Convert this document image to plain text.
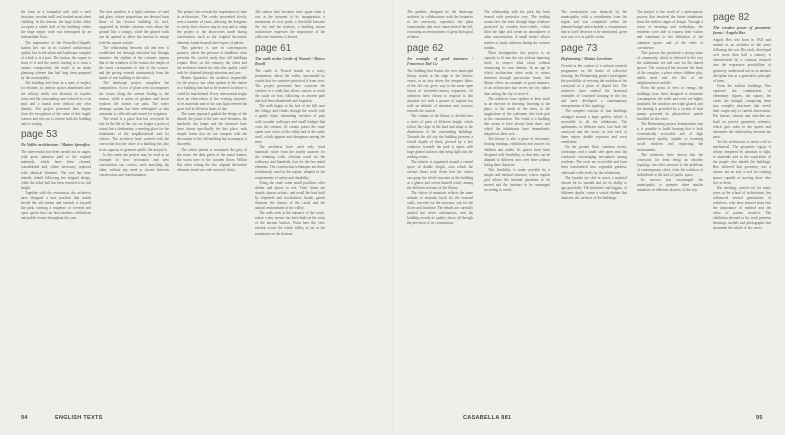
the form of a triumphal arch with a steel structure; wooden infill and vaulted metal sheet cladding. In the interior, the large ticket office occupied a whole half of the building; where the large empty vault was interrupted by an intermediate floor.

The importance of the Bruxelles-Chapelle station lies not in its isolated architectural quality but in the urban and landscape complex of which it is a part. The station, the square in front of it and the streets leading to it form a unitary composition, the result of an urban planning scheme that had long been prepared by the municipality.

The building had been in a state of neglect for decades, its interior spaces abandoned after the railway traffic was diverted, its façades worn and the surrounding area reduced to a car park and a transit zone without any clear identity. The project presented here begins from the recognition of the value of this fragile context and sets out to restore both the building and its setting.

page 53
De Vallée architecture / Matteo Spreafico

The intervention has been carried out in stages, with great attention paid to the original materials, which have been cleaned, consolidated and, where necessary, replaced with identical elements. The roof has been entirely rebuilt following the original design, while the ticket hall has been restored to its full height.

Together with the restoration, the architects have designed a new pavilion that stands beside the old station and extends it towards the park, creating a sequence of covered and open spaces that can host markets, exhibitions and public events throughout the year.

The new pavilion is a light structure of steel and glass, whose proportions are derived from those of the historic building. Its roof, supported by slender columns, rests above the ground like a canopy, while the glazed walls can be opened to allow the interior to merge with the square outside.

The relationship between old and new is established not through imitation but through measure: the rhythm of the columns repeats that of the windows of the station, the height of the eaves corresponds to that of the cornice, and the paving extends continuously from the inside of one building to the other.

The landscape project completes the composition. A row of plane trees accompanies the visitor along the avenue leading to the station, while a series of gardens and lawns replaces the former car park. The water drainage system has been redesigned so that rainwater is collected and reused for irrigation.

The result is a place that has recovered its role in the life of the city: no longer a point of transit but a destination, a meeting place for the inhabitants of the neighbourhood and for visitors. The architects have worked with the conviction that the value of a building lies also in its capacity to generate public life around it.

In this sense the project may be read as an example of how restoration and new construction can coexist, each enriching the other, without any need to choose between conservation and transformation.

The project also reveals the importance of time in architecture. The works proceeded slowly, over a number of years, allowing the designers to verify their choices step by step and to adapt the project to the discoveries made during construction, such as the original decorative elements found beneath later layers of plaster.

This patience is rare in contemporary practice, where the pressure of deadlines often prevents the careful study that old buildings require. Here, on the contrary, the client and the architects shared the idea that quality could only be obtained through attention and care.

Matteo Spreafico, the architect responsible for the project, has often spoken of the station as a building that had to be listened to before it could be transformed. Every intervention began from an observation of the existing structure, of its materials and of the way light entered the great hall at different times of day.

The same approach guided the design of the details: the joints of the new steel elements, the handrails, the lamps and the furniture have been drawn specifically for this place, with simple forms that do not compete with the decoration of the old building but accompany it discreetly.

The colour palette is restrained: the grey of the stone, the dark green of the metal frames, the warm tone of the wooden floors. Within this sober setting the few original decorative elements stand out with renewed clarity.

The station thus becomes once again what it was at the moment of its inauguration: a monument of civic pride, a threshold between the city and the territory, a building whose architecture expresses the importance of the collective functions it houses.

page 61
The walk at the Castle of Nouvel / Marco Rosell

The castle of Nouvel stands on a rocky promontory above the valley, surrounded by woods that for centuries protected it from view. The project presented here concerns the creation of a walk that allows visitors to reach the castle on foot, following an ancient path that had been abandoned and forgotten.

The walk begins at the foot of the hill, near the village, and climbs through the woods with a gentle slope, alternating stretches of path with wooden walkways and small bridges that cross the streams. At certain points the route opens onto views of the valley and of the castle itself, which appears and disappears among the trees.

The architects have used only local materials: stone from the nearby quarries for the retaining walls, chestnut wood for the walkways and handrails, iron for the few metal elements. The construction techniques are those traditionally used in the region, adapted to the requirements of safety and durability.

Along the route some small pavilions offer shelter and places to rest. Their forms are simple, almost archaic, and recall the huts built by shepherds and woodcutters. Inside, panels illustrate the history of the castle and the natural environment of the valley.

The walk ends at the entrance of the castle, where a new terrace has been built on the ruins of the ancient bastion. From here the view extends across the whole valley, as far as the mountains on the horizon.

The gardens, designed by the landscape architect in collaboration with the botanists of the university, reproduce the plant communities that once characterized the hill, recreating an environment of great biological richness.

page 62
An example of good manners / Francesco Dal Co

The building that houses the new municipal library stands at the edge of the historic centre, in an area where the compact fabric of the old city gives way to the more open layout of twentieth-century expansion. Its architects have chosen to respond to this situation not with a gesture of rupture but with an attitude of attention and courtesy towards the context.

The volume of the library is divided into a series of parts of different height, which follow the slope of the land and adapt to the dimensions of the surrounding buildings. Towards the old city the building presents a closed façade of brick, pierced by a few windows; towards the park it opens with large glazed surfaces that bring light into the reading rooms.

The interior is organized around a central space of double height, onto which the various floors look. From here the visitor can grasp the whole structure of the building at a glance and orient himself easily among the different sections of the library.

The choice of materials reflects the same attitude of restraint: brick for the external walls, concrete for the structure, oak for the floors and furniture. The details are carefully studied but never ostentatious, and the building reveals its quality above all through the precision of its construction.

The relationship with the park has been treated with particular care. The reading rooms face the trees through large windows protected by wooden brise-soleils, which filter the light and create an atmosphere of calm concentration. A small terrace allows readers to study outdoors during the warmer months.

What distinguishes this project is its capacity to fit into the city without imposing itself, to respect what exists without renouncing its own identity. In an age in which architecture often seeks to attract attention through spectacular forms, this library offers an example of good manners, of an architecture that serves the city rather than asking the city to serve it.

The architects have spoken of their work as an exercise in listening: listening to the place, to the needs of the users, to the suggestions of the craftsmen who took part in the construction. The result is a building that seems to have always been there, and which the inhabitants have immediately adopted as their own.

The library is also a place of encounter, hosting readings, exhibitions and courses for children and adults. Its spaces have been designed with flexibility, so that they can be adapted to different uses over time without losing their character.

This flexibility is made possible by a simple and rational structure, whose regular grid allows the internal partitions to be moved and the furniture to be rearranged according to needs.

The construction was financed by the municipality with a contribution from the region and was completed within the planned budget and schedule, a circumstance that in itself deserves to be mentioned, given how rare it is in public works.

page 73
Hofmeeting / Matteo Lerchner

Created in the context of a cultural research programme on the forms of collective housing, the Hofmeeting project investigates the possibility of reviving the tradition of the courtyard as a place of shared life. The architects have studied the historical examples of courtyard housing in the city and have developed a contemporary interpretation of this typology.

The complex consists of four buildings arranged around a large garden, which is accessible to all the inhabitants. The apartments, of different sizes, face both the courtyard and the street, so that each of them enjoys double exposure and cross ventilation.

On the ground floor, common rooms, workshops and a small café open onto the courtyard, encouraging encounters among residents. The roofs are accessible and have been transformed into vegetable gardens, cultivated collectively by the inhabitants.

The façades are clad in wood, a material chosen for its warmth and for its ability to age gracefully. The balconies and loggias, of different depths, create a varied rhythm that animates the surfaces of the buildings.

The project is the result of a participatory process that involved the future inhabitants from the earliest stages of design. Through a series of meetings and workshops, the residents were able to express their wishes and contribute to the definition of the common spaces and of the rules of coexistence.

This process has produced a strong sense of community, which is reflected in the way the inhabitants use and care for the shared spaces. The courtyard has become the heart of the complex, a place where children play, adults meet and the life of the neighbourhood unfolds.

From the point of view of energy, the buildings have been designed to minimize consumption: the walls and roofs are highly insulated, the windows are triple glazed, and the heating is provided by a system of heat pumps powered by photovoltaic panels installed on the roofs.

The Hofmeeting project demonstrates that it is possible to build housing that is both economically accessible and of high architectural quality, capable of fostering social relations and respecting the environment.

The architects have shown that the courtyard, far from being an obsolete typology, can offer answers to the problems of contemporary cities, from the isolation of individuals to the lack of public space.

Its success has encouraged the municipality to promote other similar initiatives in different districts of the city.

page 82
The creative power of geometric forms / Angelo Bex

Angelo Bex was born in 1925 and trained as an architect in the years following the war. His work, developed over more than half a century, is characterized by a constant research into the expressive possibilities of geometry, understood not as an abstract discipline but as a generative principle of form.

From his earliest buildings, Bex explored the combination of elementary figures, the square, the circle, the triangle, composing them into complex structures that reveal their origin only to careful observation. His houses, schools and churches are built on precise geometric schemes, which give order to the spaces and determine the relationship between the parts.

Yet his architecture is never cold or mechanical. The geometric rigour is always tempered by attention to light, to materials and to the experience of the people who inhabit the buildings. Bex believed that geometry was a means, not an end, a tool for creating spaces capable of moving those who live in them.

His teaching, carried out for many years at the school of architecture, has influenced several generations of architects, who have learned from him the importance of method and the value of patient research. The exhibition devoted to his work presents drawings, models and photographs that document the whole of his career.

94	ENGLISH TEXTS	CASABELLA 881	95
